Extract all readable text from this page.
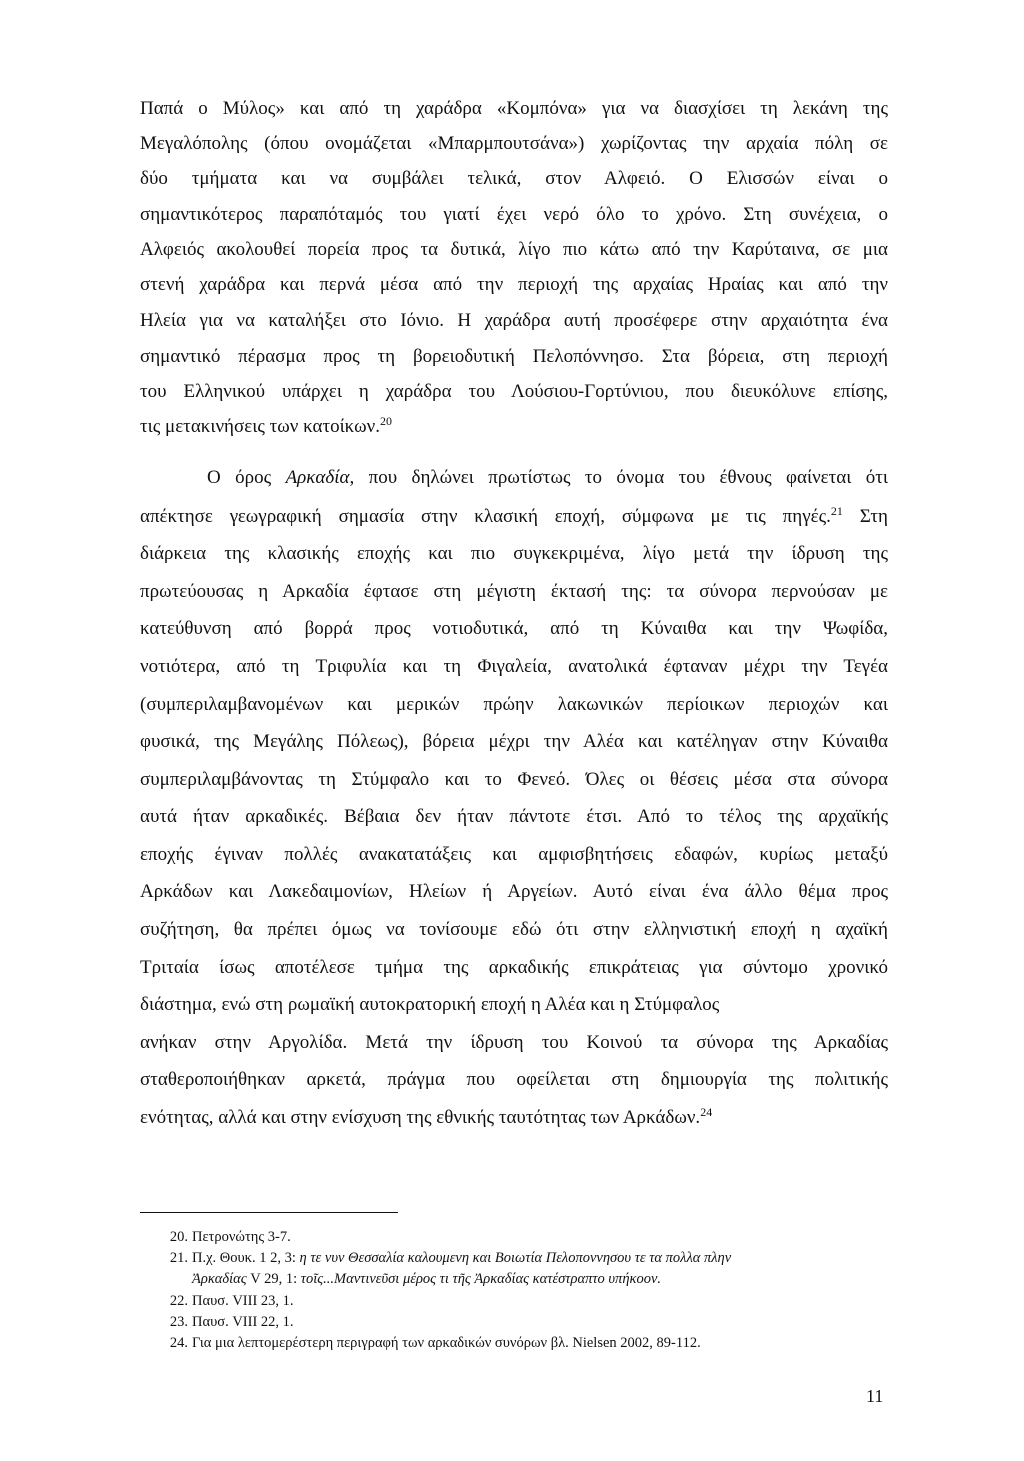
Παπά ο Μύλος» και από τη χαράδρα «Κομπόνα» για να διασχίσει τη λεκάνη της
Μεγαλόπολης (όπου ονομάζεται «Μπαρμπουτσάνα») χωρίζοντας την αρχαία πόλη σε
δύο τμήματα και να συμβάλει τελικά, στον Αλφειό. Ο Ελισσών είναι ο
σημαντικότερος παραπόταμός του γιατί έχει νερό όλο το χρόνο. Στη συνέχεια, ο
Αλφειός ακολουθεί πορεία προς τα δυτικά, λίγο πιο κάτω από την Καρύταινα, σε μια
στενή χαράδρα και περνά μέσα από την περιοχή της αρχαίας Ηραίας και από την
Ηλεία για να καταλήξει στο Ιόνιο. Η χαράδρα αυτή προσέφερε στην αρχαιότητα ένα
σημαντικό πέρασμα προς τη βορειοδυτική Πελοπόννησο. Στα βόρεια, στη περιοχή
του Ελληνικού υπάρχει η χαράδρα του Λούσιου-Γορτύνιου, που διευκόλυνε επίσης,
τις μετακινήσεις των κατοίκων.$^{20}$
Ο όρος Αρκαδία, που δηλώνει πρωτίστως το όνομα του έθνους φαίνεται ότι
απέκτησε γεωγραφική σημασία στην κλασική εποχή, σύμφωνα με τις πηγές.$^{21}$ Στη
διάρκεια της κλασικής εποχής και πιο συγκεκριμένα, λίγο μετά την ίδρυση της
πρωτεύουσας η Αρκαδία έφτασε στη μέγιστη έκτασή της: τα σύνορα περνούσαν με
κατεύθυνση από βορρά προς νοτιοδυτικά, από τη Κύναιθα και την Ψωφίδα,
νοτιότερα, από τη Τριφυλία και τη Φιγαλεία, ανατολικά έφταναν μέχρι την Τεγέα
(συμπεριλαμβανομένων και μερικών πρώην λακωνικών περίοικων περιοχών και
φυσικά, της Μεγάλης Πόλεως), βόρεια μέχρι την Αλέα και κατέληγαν στην Κύναιθα
συμπεριλαμβάνοντας τη Στύμφαλο και το Φενεό. Όλες οι θέσεις μέσα στα σύνορα
αυτά ήταν αρκαδικές. Βέβαια δεν ήταν πάντοτε έτσι. Από το τέλος της αρχαϊκής
εποχής έγιναν πολλές ανακατατάξεις και αμφισβητήσεις εδαφών, κυρίως μεταξύ
Αρκάδων και Λακεδαιμονίων, Ηλείων ή Αργείων. Αυτό είναι ένα άλλο θέμα προς
συζήτηση, θα πρέπει όμως να τονίσουμε εδώ ότι στην ελληνιστική εποχή η αχαϊκή
Τριταία ίσως αποτέλεσε τμήμα της αρκαδικής επικράτειας για σύντομο χρονικό
διάστημα, ενώ στη ρωμαϊκή αυτοκρατορική εποχή η Αλέα και η Στύμφαλος
ανήκαν στην Αργολίδα. Μετά την ίδρυση του Κοινού τα σύνορα της Αρκαδίας
σταθεροποιήθηκαν αρκετά, πράγμα που οφείλεται στη δημιουργία της πολιτικής
ενότητας, αλλά και στην ενίσχυση της εθνικής ταυτότητας των Αρκάδων.$^{24}$
20. Πετρονώτης 3-7.
21. Π.χ. Θουκ. 1 2, 3: η τε νυν Θεσσαλία καλουμενη και Βοιωτία Πελοποννησου τε τα πολλα πλην
Ἀρκαδίας V 29, 1: τοῖς...Μαντινεῦσι μέρος τι τῆς Ἀρκαδίας κατέστραπτο υπήκοον.
22. Παυσ. VIII 23, 1.
23. Παυσ. VIII 22, 1.
24. Για μια λεπτομερέστερη περιγραφή των αρκαδικών συνόρων βλ. Nielsen 2002, 89-112.
11
